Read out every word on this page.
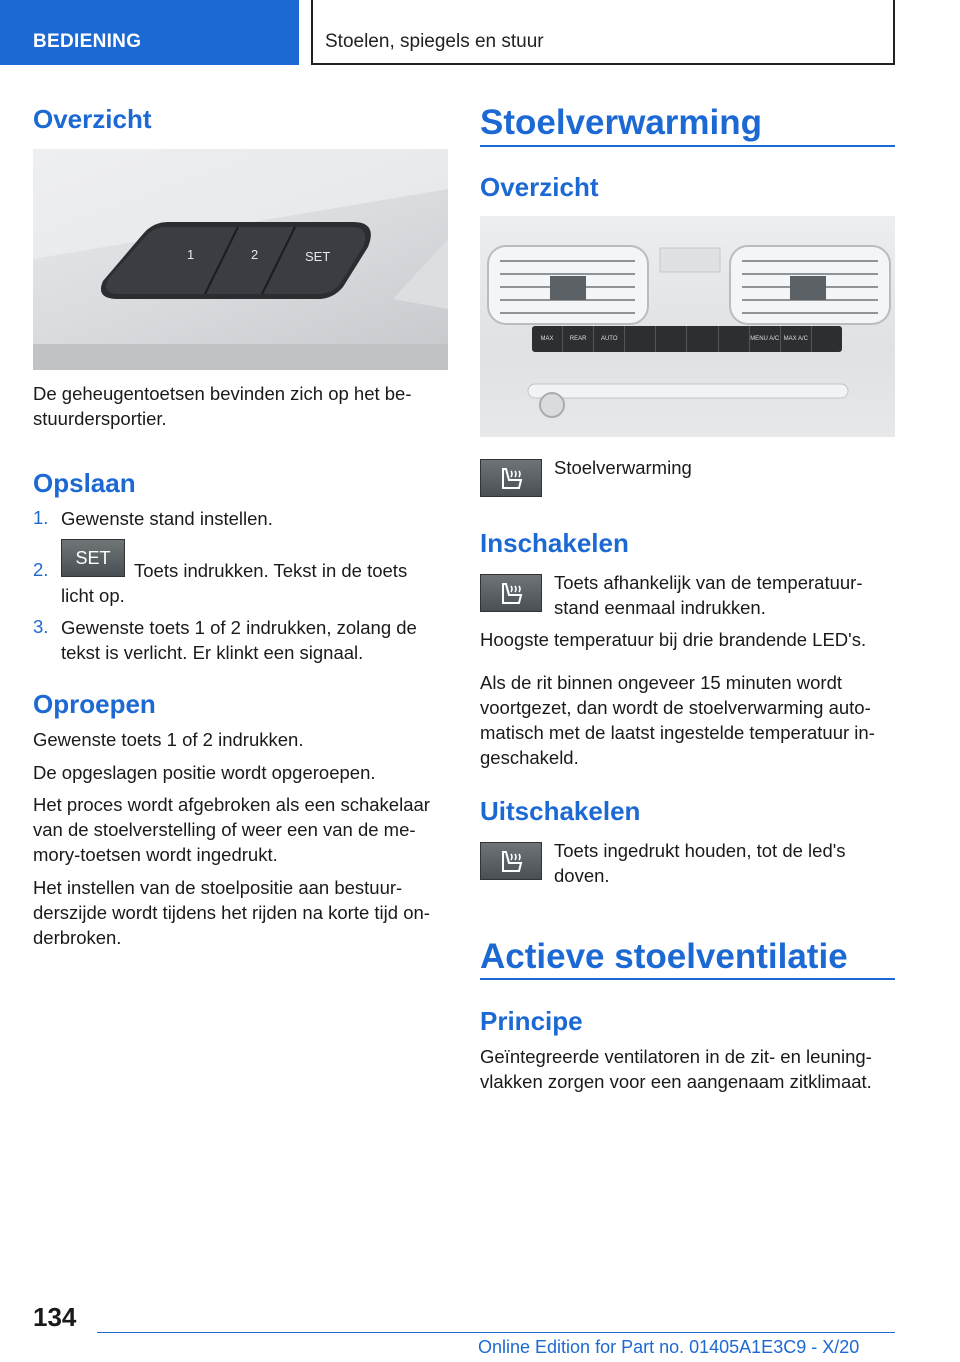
BEDIENING	Stoelen, spiegels en stuur
Overzicht
1	2	SET

De geheugentoetsen bevinden zich op het be‐
stuurdersportier.

Opslaan
1. Gewenste stand instellen.

2.
SET

Toets indrukken. Tekst in de toets

licht op.

3. Gewenste toets 1 of 2 indrukken, zolang de
tekst is verlicht. Er klinkt een signaal.

Oproepen

Gewenste toets 1 of 2 indrukken.

De opgeslagen positie wordt opgeroepen.

Het proces wordt afgebroken als een schakelaar
van de stoelverstelling of weer een van de me‐
mory-toetsen wordt ingedrukt.

Het instellen van de stoelpositie aan bestuur‐
derszijde wordt tijdens het rijden na korte tijd on‐
derbroken.

Stoelverwarming
Overzicht
MAX	REAR	AUTO	MENU A/C MAX A/C

Stoelverwarming

Inschakelen

Toets afhankelijk van de temperatuur‐
stand eenmaal indrukken.

Hoogste temperatuur bij drie brandende LED's.

Als de rit binnen ongeveer 15 minuten wordt
voortgezet, dan wordt de stoelverwarming auto‐
matisch met de laatst ingestelde temperatuur in‐
geschakeld.

Uitschakelen

Toets ingedrukt houden, tot de led's
doven.

Actieve stoelventilatie
Principe

Geïntegreerde ventilatoren in de zit- en leuning‐
vlakken zorgen voor een aangenaam zitklimaat.

134
Online Edition for Part no. 01405A1E3C9 - X/20
